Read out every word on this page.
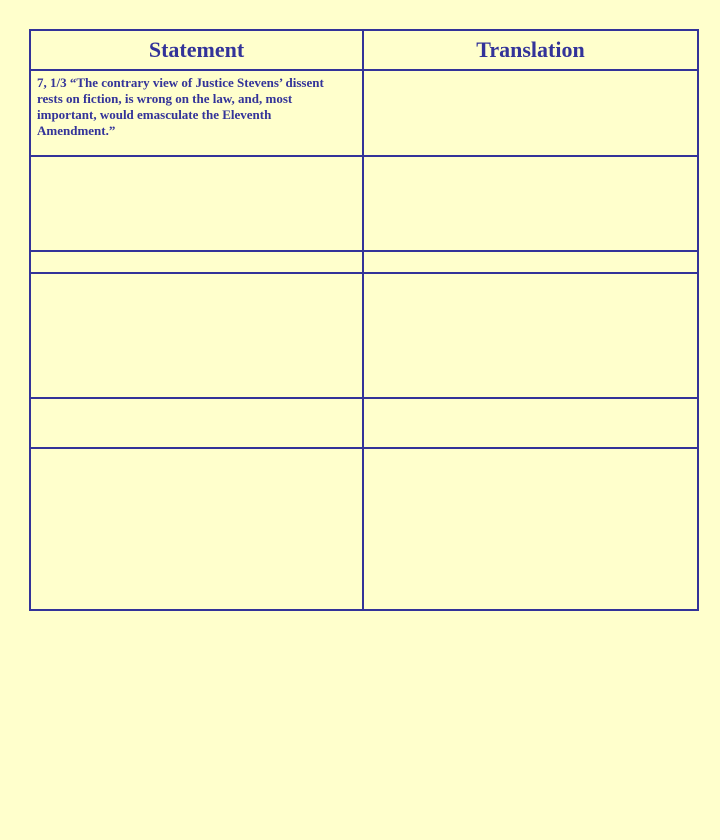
Statement	Translation

7, 1/3 “The contrary view of Justice Stevens’ dissent rests on fiction, is wrong on the law, and, most important, would emasculate the Eleventh Amendment.”	
